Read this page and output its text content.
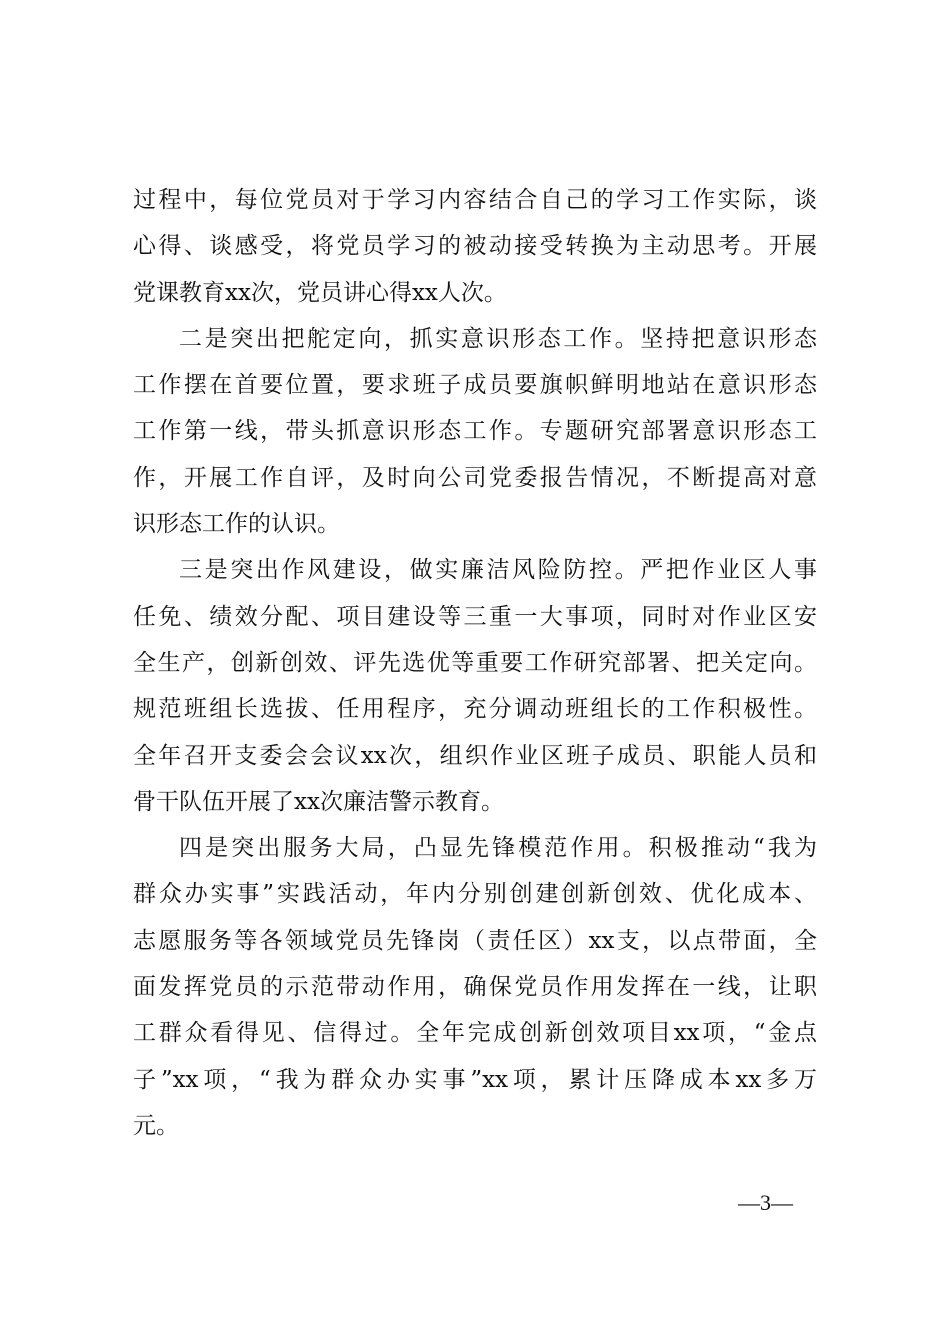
过程中，每位党员对于学习内容结合自己的学习工作实际，谈
心得、谈感受，将党员学习的被动接受转换为主动思考。开展
党课教育xx次，党员讲心得xx人次。
二是突出把舵定向，抓实意识形态工作。坚持把意识形态
工作摆在首要位置，要求班子成员要旗帜鲜明地站在意识形态
工作第一线，带头抓意识形态工作。专题研究部署意识形态工
作，开展工作自评，及时向公司党委报告情况，不断提高对意
识形态工作的认识。
三是突出作风建设，做实廉洁风险防控。严把作业区人事
任免、绩效分配、项目建设等三重一大事项，同时对作业区安
全生产，创新创效、评先选优等重要工作研究部署、把关定向。
规范班组长选拔、任用程序，充分调动班组长的工作积极性。
全年召开支委会会议xx次，组织作业区班子成员、职能人员和
骨干队伍开展了xx次廉洁警示教育。
四是突出服务大局，凸显先锋模范作用。积极推动“我为
群众办实事”实践活动，年内分别创建创新创效、优化成本、
志愿服务等各领域党员先锋岗（责任区）xx支，以点带面，全
面发挥党员的示范带动作用，确保党员作用发挥在一线，让职
工群众看得见、信得过。全年完成创新创效项目xx项，“金点
子”xx项，“我为群众办实事”xx项，累计压降成本xx多万
元。
—3—
